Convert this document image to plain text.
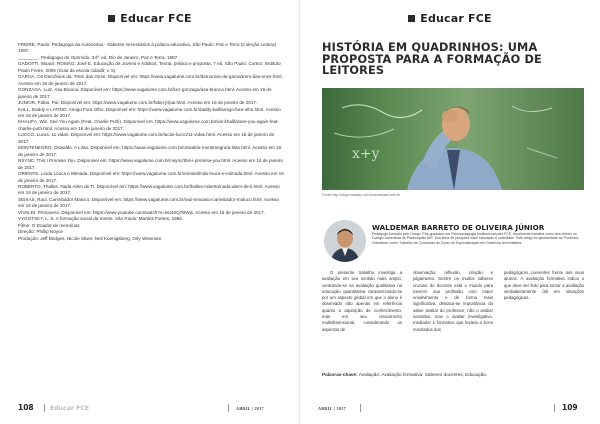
Educar FCE
FREIRE, Paulo. Pedagogia da Autonomia - Saberes necessários à prática educativa, São Paulo: Paz e Terra (Coleção Leitura) 1997.
________. Pedagogia do Oprimido. 34ª. ed. Rio de Janeiro, Paz e Terra, 1987.
GADOTTI, Moacir. ROMÃO, José E. Educação de Jovens e Adultos: Teoria, prática e proposta. 7 ed. São Paulo: Cortez: Instituto Paulo Freire, 2005 (Guia da escola cidadã; v. 5).
GAROA. Os Demônios da. Trem das Onze. Disponível em: https://www.vagalume.com.br/demonios-da-garoa/trem-das-onze.html. Acesso em 16 de janeiro de 2017.
GONZAGA, Luiz. Asa Branca. Disponível em: https://www.vagalume.com.br/luiz-gonzaga/asa-branca.html. Acesso em 16 de janeiro de 2017.
JUNIOR, Fábio. Pai. Disponível em: https://www.vagalume.com.br/fabio-jr/pai.html. Acesso em 16 de janeiro de 2017.
KALL, Daddy e LATINO. Amigo Fura Olho. Disponível em: https://www.vagalume.com.br/daddy-kall/amigo-fura-olho.html. Acesso em 16 de janeiro de 2017.
KHALIFA, Wiz. See You Again (Feat. Charlie Puth). Disponível em: https://www.vagalume.com.br/wiz-khalifa/see-you-again-feat-charlie-puth.html. Acesso em 16 de janeiro de 2017.
LUCCO, Lucas. 11 vidas. Disponível em: https://www.vagalume.com.br/lucas-lucco/11-vidas.html. Acesso em 16 de janeiro de 2017.
MONTENEGRO, Oswaldo. A Lista. Disponível em: https://www.vagalume.com.br/oswaldo-montenegro/a-lista.html. Acesso em 16 de janeiro de 2017.
NSYNC. This I Promise You. Disponível em: https://www.vagalume.com.br/nsync/this-i-promise-you.html. Acesso em 16 de janeiro de 2017.
ORIENTE. Linda Louca e Mimada. Disponível em: https://www.vagalume.com.br/oriente/linda-louca-e-mimada.html. Acesso em 16 de janeiro de 2017.
ROBERTO, Thalles. Nada Além de Ti. Disponível em: https://www.vagalume.com.br/thalles-roberto/nada-alem-de-ti.html. Acesso em 16 de janeiro de 2017.
SEIXAS, Raul. Carimbador Maluco. Disponível em: https://www.vagalume.com.br/raul-seixas/o-carimbador-maluco.html. Acesso em 16 de janeiro de 2017.
VIVALDI. Primavera. Disponível em: https://www.youtube.com/watch?v=MJ40Q7BWjs. Acesso em 16 de janeiro de 2017.
VYGOTSKY, L. S. A formação social da mente. São Paulo: Martins Fontes, 1984.
Filme: O Doador de memórias
Direção: Phillip Noyce
Produção: Jeff Bridges, Nicole Silver, Neil Koenigsberg, Orly Wiseman
108	Educar FCE	ABRIL | 2017
Educar FCE
HISTÓRIA EM QUADRINHOS: UMA PROPOSTA PARA A FORMAÇÃO DE LEITORES
x+y
Fonte: http://blogs.estadao.com.br/acessado.com.br
WALDEMAR BARRETO DE OLIVEIRA JÚNIOR
Pedagogo formado pelo Unasp. Pós-graduado em Psicopedagogia Institucional pela FCE. Atualmente trabalha como vice-diretor no Colégio Adventista de Paraisópolis-MG. Sua linha de pesquisa inclui educação e sociedade. Este artigo foi apresentado ao Professor Orientador como Trabalho de Conclusão do Curso de Especialização em Docência Universitária.

O presente trabalho investiga a avaliação em seu sentido mais amplo, centrando-se na avaliação qualitativa na educação quantitativa caracterizando-se por um aspecto global em que o aluno é observado não apenas em referência quanto a aquisição de conhecimento, mas em seu crescimento multidimensional, considerando os aspectos de

observação, reflexão, criação e julgamento. Dentre os muitos saberes cruciais do docente está o mundo para exercer sua profissão com maior envolvimento e de forma mais significativa, destaca-se importância do saber avaliar do professor; não o avaliar somativo, mas o avaliar investigativo, mediador e formativo que levaria a bons resultados dos

pedagógicos coerentes frente aos seus alunos. A avaliação formativa indica o que deve ser feito para tornar a avaliação verdadeiramente útil em situações pedagógicas.

Palavras-chave: Avaliação; Avaliação formativa; Saberes docentes; Educação.
ABRIL | 2017	109
